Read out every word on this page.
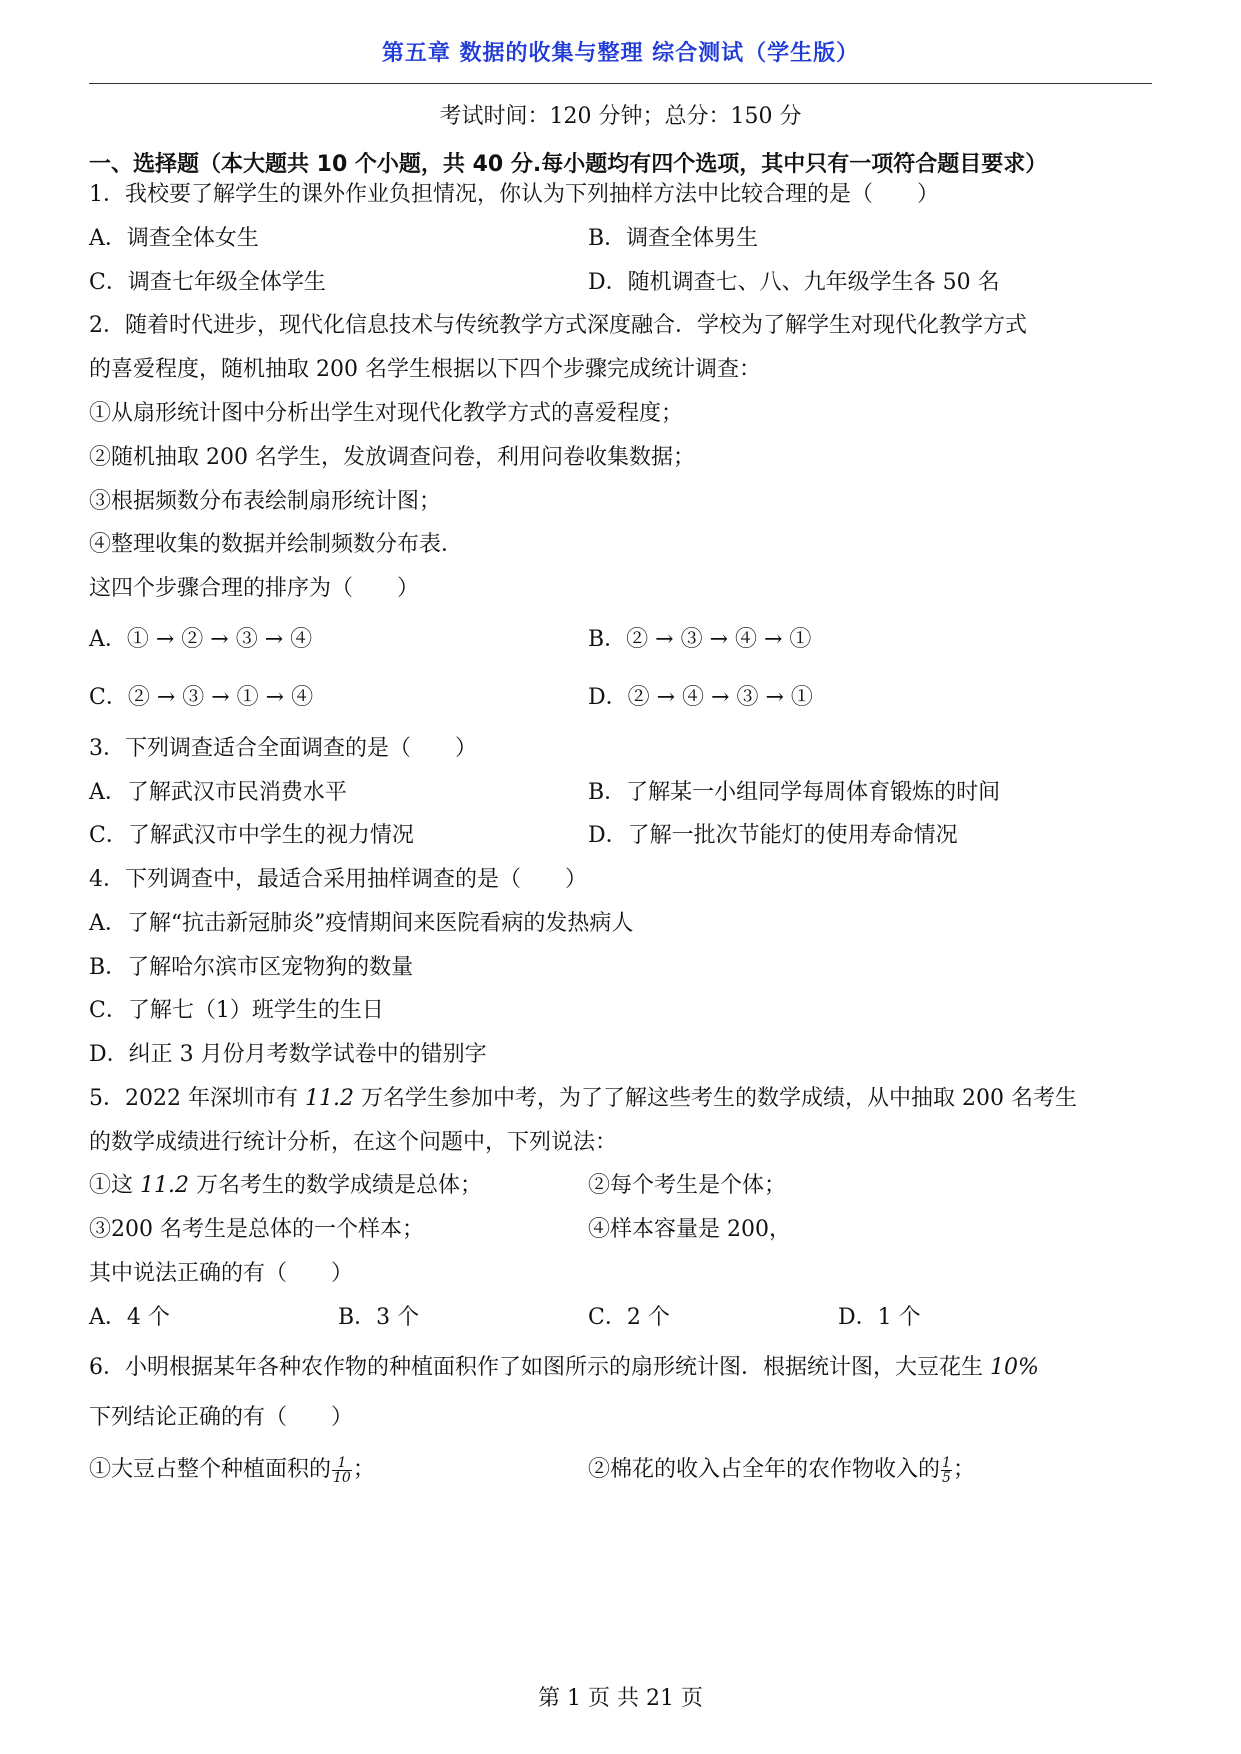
第五章 数据的收集与整理 综合测试（学生版）
考试时间：120 分钟；总分：150 分
一、选择题（本大题共 10 个小题，共 40 分.每小题均有四个选项，其中只有一项符合题目要求）
1．我校要了解学生的课外作业负担情况，你认为下列抽样方法中比较合理的是（　　）
A．调查全体女生	B．调查全体男生
C．调查七年级全体学生	D．随机调查七、八、九年级学生各 50 名
2．随着时代进步，现代化信息技术与传统教学方式深度融合．学校为了解学生对现代化教学方式
的喜爱程度，随机抽取 200 名学生根据以下四个步骤完成统计调查：
①从扇形统计图中分析出学生对现代化教学方式的喜爱程度；
②随机抽取 200 名学生，发放调查问卷，利用问卷收集数据；
③根据频数分布表绘制扇形统计图；
④整理收集的数据并绘制频数分布表．
这四个步骤合理的排序为（　　）
A．① → ② → ③ → ④	B．② → ③ → ④ → ①
C．② → ③ → ① → ④	D．② → ④ → ③ → ①
3．下列调查适合全面调查的是（　　）
A．了解武汉市民消费水平	B．了解某一小组同学每周体育锻炼的时间
C．了解武汉市中学生的视力情况	D．了解一批次节能灯的使用寿命情况
4．下列调查中，最适合采用抽样调查的是（　　）
A．了解“抗击新冠肺炎”疫情期间来医院看病的发热病人
B．了解哈尔滨市区宠物狗的数量
C．了解七（1）班学生的生日
D．纠正 3 月份月考数学试卷中的错别字
5．2022 年深圳市有 11.2 万名学生参加中考，为了了解这些考生的数学成绩，从中抽取 200 名考生
的数学成绩进行统计分析，在这个问题中，下列说法：
①这 11.2 万名考生的数学成绩是总体；	②每个考生是个体；
③200 名考生是总体的一个样本；	④样本容量是 200，
其中说法正确的有（　　）
A．4 个	B．3 个	C．2 个	D．1 个
6．小明根据某年各种农作物的种植面积作了如图所示的扇形统计图．根据统计图，大豆花生 10%
下列结论正确的有（　　）
①大豆占整个种植面积的 $\frac{1}{10}$ ；	②棉花的收入占全年的农作物收入的 $\frac{1}{5}$ ；
第 1 页 共 21 页
